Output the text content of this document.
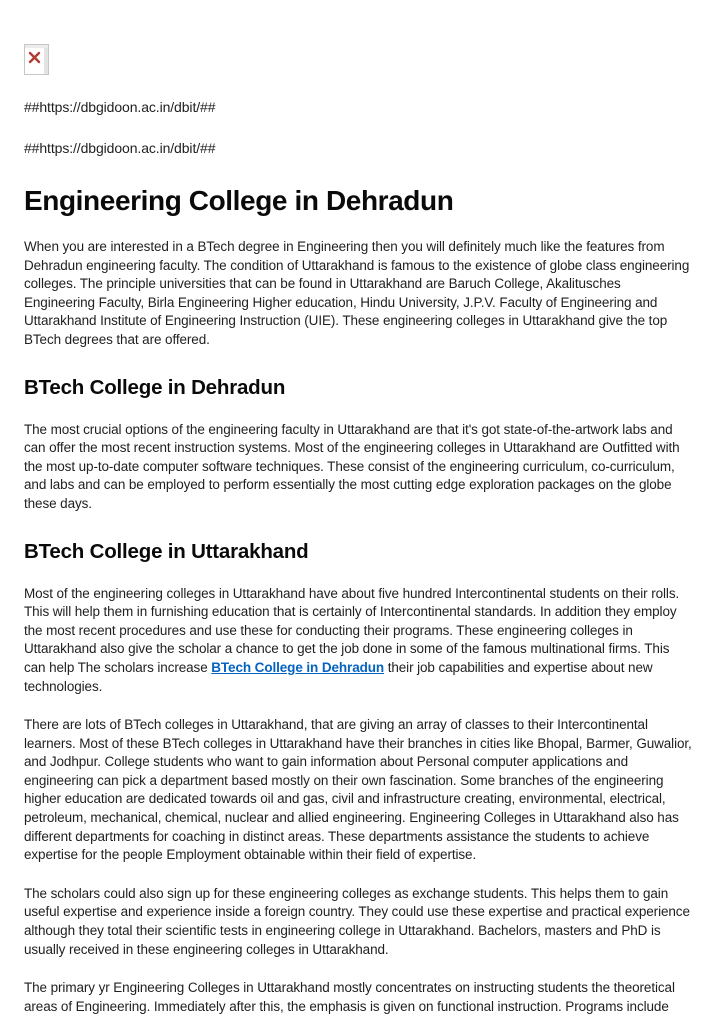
##https://dbgidoon.ac.in/dbit/##

##https://dbgidoon.ac.in/dbit/##

Engineering College in Dehradun

When you are interested in a BTech degree in Engineering then you will definitely much like the features from Dehradun engineering faculty. The condition of Uttarakhand is famous to the existence of globe class engineering colleges. The principle universities that can be found in Uttarakhand are Baruch College, Akalitusches Engineering Faculty, Birla Engineering Higher education, Hindu University, J.P.V. Faculty of Engineering and Uttarakhand Institute of Engineering Instruction (UIE). These engineering colleges in Uttarakhand give the top BTech degrees that are offered.

BTech College in Dehradun

The most crucial options of the engineering faculty in Uttarakhand are that it's got state-of-the-artwork labs and can offer the most recent instruction systems. Most of the engineering colleges in Uttarakhand are Outfitted with the most up-to-date computer software techniques. These consist of the engineering curriculum, co-curriculum, and labs and can be employed to perform essentially the most cutting edge exploration packages on the globe these days.

BTech College in Uttarakhand

Most of the engineering colleges in Uttarakhand have about five hundred Intercontinental students on their rolls. This will help them in furnishing education that is certainly of Intercontinental standards. In addition they employ the most recent procedures and use these for conducting their programs. These engineering colleges in Uttarakhand also give the scholar a chance to get the job done in some of the famous multinational firms. This can help The scholars increase BTech College in Dehradun their job capabilities and expertise about new technologies.

There are lots of BTech colleges in Uttarakhand, that are giving an array of classes to their Intercontinental learners. Most of these BTech colleges in Uttarakhand have their branches in cities like Bhopal, Barmer, Guwalior, and Jodhpur. College students who want to gain information about Personal computer applications and engineering can pick a department based mostly on their own fascination. Some branches of the engineering higher education are dedicated towards oil and gas, civil and infrastructure creating, environmental, electrical, petroleum, mechanical, chemical, nuclear and allied engineering. Engineering Colleges in Uttarakhand also has different departments for coaching in distinct areas. These departments assistance the students to achieve expertise for the people Employment obtainable within their field of expertise.

The scholars could also sign up for these engineering colleges as exchange students. This helps them to gain useful expertise and experience inside a foreign country. They could use these expertise and practical experience although they total their scientific tests in engineering college in Uttarakhand. Bachelors, masters and PhD is usually received in these engineering colleges in Uttarakhand.

The primary yr Engineering Colleges in Uttarakhand mostly concentrates on instructing students the theoretical areas of Engineering. Immediately after this, the emphasis is given on functional instruction. Programs include
